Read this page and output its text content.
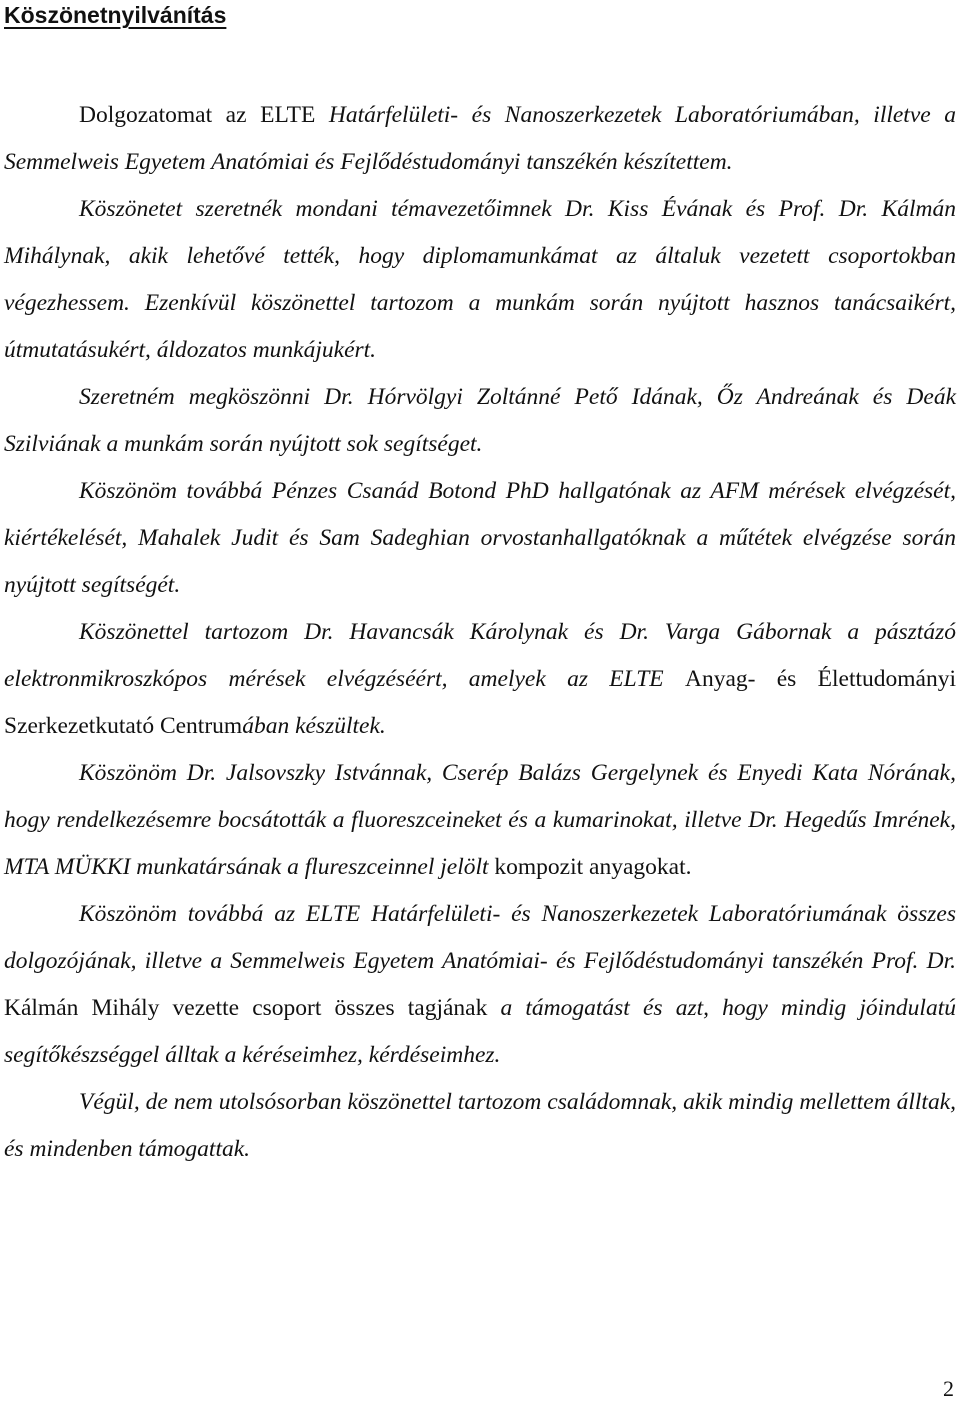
Köszönetnyilvánítás

Dolgozatomat az ELTE Határfelületi- és Nanoszerkezetek Laboratóriumában, illetve a Semmelweis Egyetem Anatómiai és Fejlődéstudományi tanszékén készítettem.

Köszönetet szeretnék mondani témavezetőimnek Dr. Kiss Évának és Prof. Dr. Kálmán Mihálynak, akik lehetővé tették, hogy diplomamunkámat az általuk vezetett csoportokban végezhessem. Ezenkívül köszönettel tartozom a munkám során nyújtott hasznos tanácsaikért, útmutatásukért, áldozatos munkájukért.

Szeretném megköszönni Dr. Hórvölgyi Zoltánné Pető Idának, Őz Andreának és Deák Szilviának a munkám során nyújtott sok segítséget.

Köszönöm továbbá Pénzes Csanád Botond PhD hallgatónak az AFM mérések elvégzését, kiértékelését, Mahalek Judit és Sam Sadeghian orvostanhallgatóknak a műtétek elvégzése során nyújtott segítségét.

Köszönettel tartozom Dr. Havancsák Károlynak és Dr. Varga Gábornak a pásztázó elektronmikroszkópos mérések elvégzéséért, amelyek az ELTE Anyag- és Élettudományi Szerkezetkutató Centrumában készültek.

Köszönöm Dr. Jalsovszky Istvánnak, Cserép Balázs Gergelynek és Enyedi Kata Nórának, hogy rendelkezésemre bocsátották a fluoreszceineket és a kumarinokat, illetve Dr. Hegedűs Imrének, MTA MÜKKI munkatársának a flureszceinnel jelölt kompozit anyagokat.

Köszönöm továbbá az ELTE Határfelületi- és Nanoszerkezetek Laboratóriumának összes dolgozójának, illetve a Semmelweis Egyetem Anatómiai- és Fejlődéstudományi tanszékén Prof. Dr. Kálmán Mihály vezette csoport összes tagjának a támogatást és azt, hogy mindig jóindulatú segítőkészséggel álltak a kéréseimhez, kérdéseimhez.

Végül, de nem utolsósorban köszönettel tartozom családomnak, akik mindig mellettem álltak, és mindenben támogattak.

2
